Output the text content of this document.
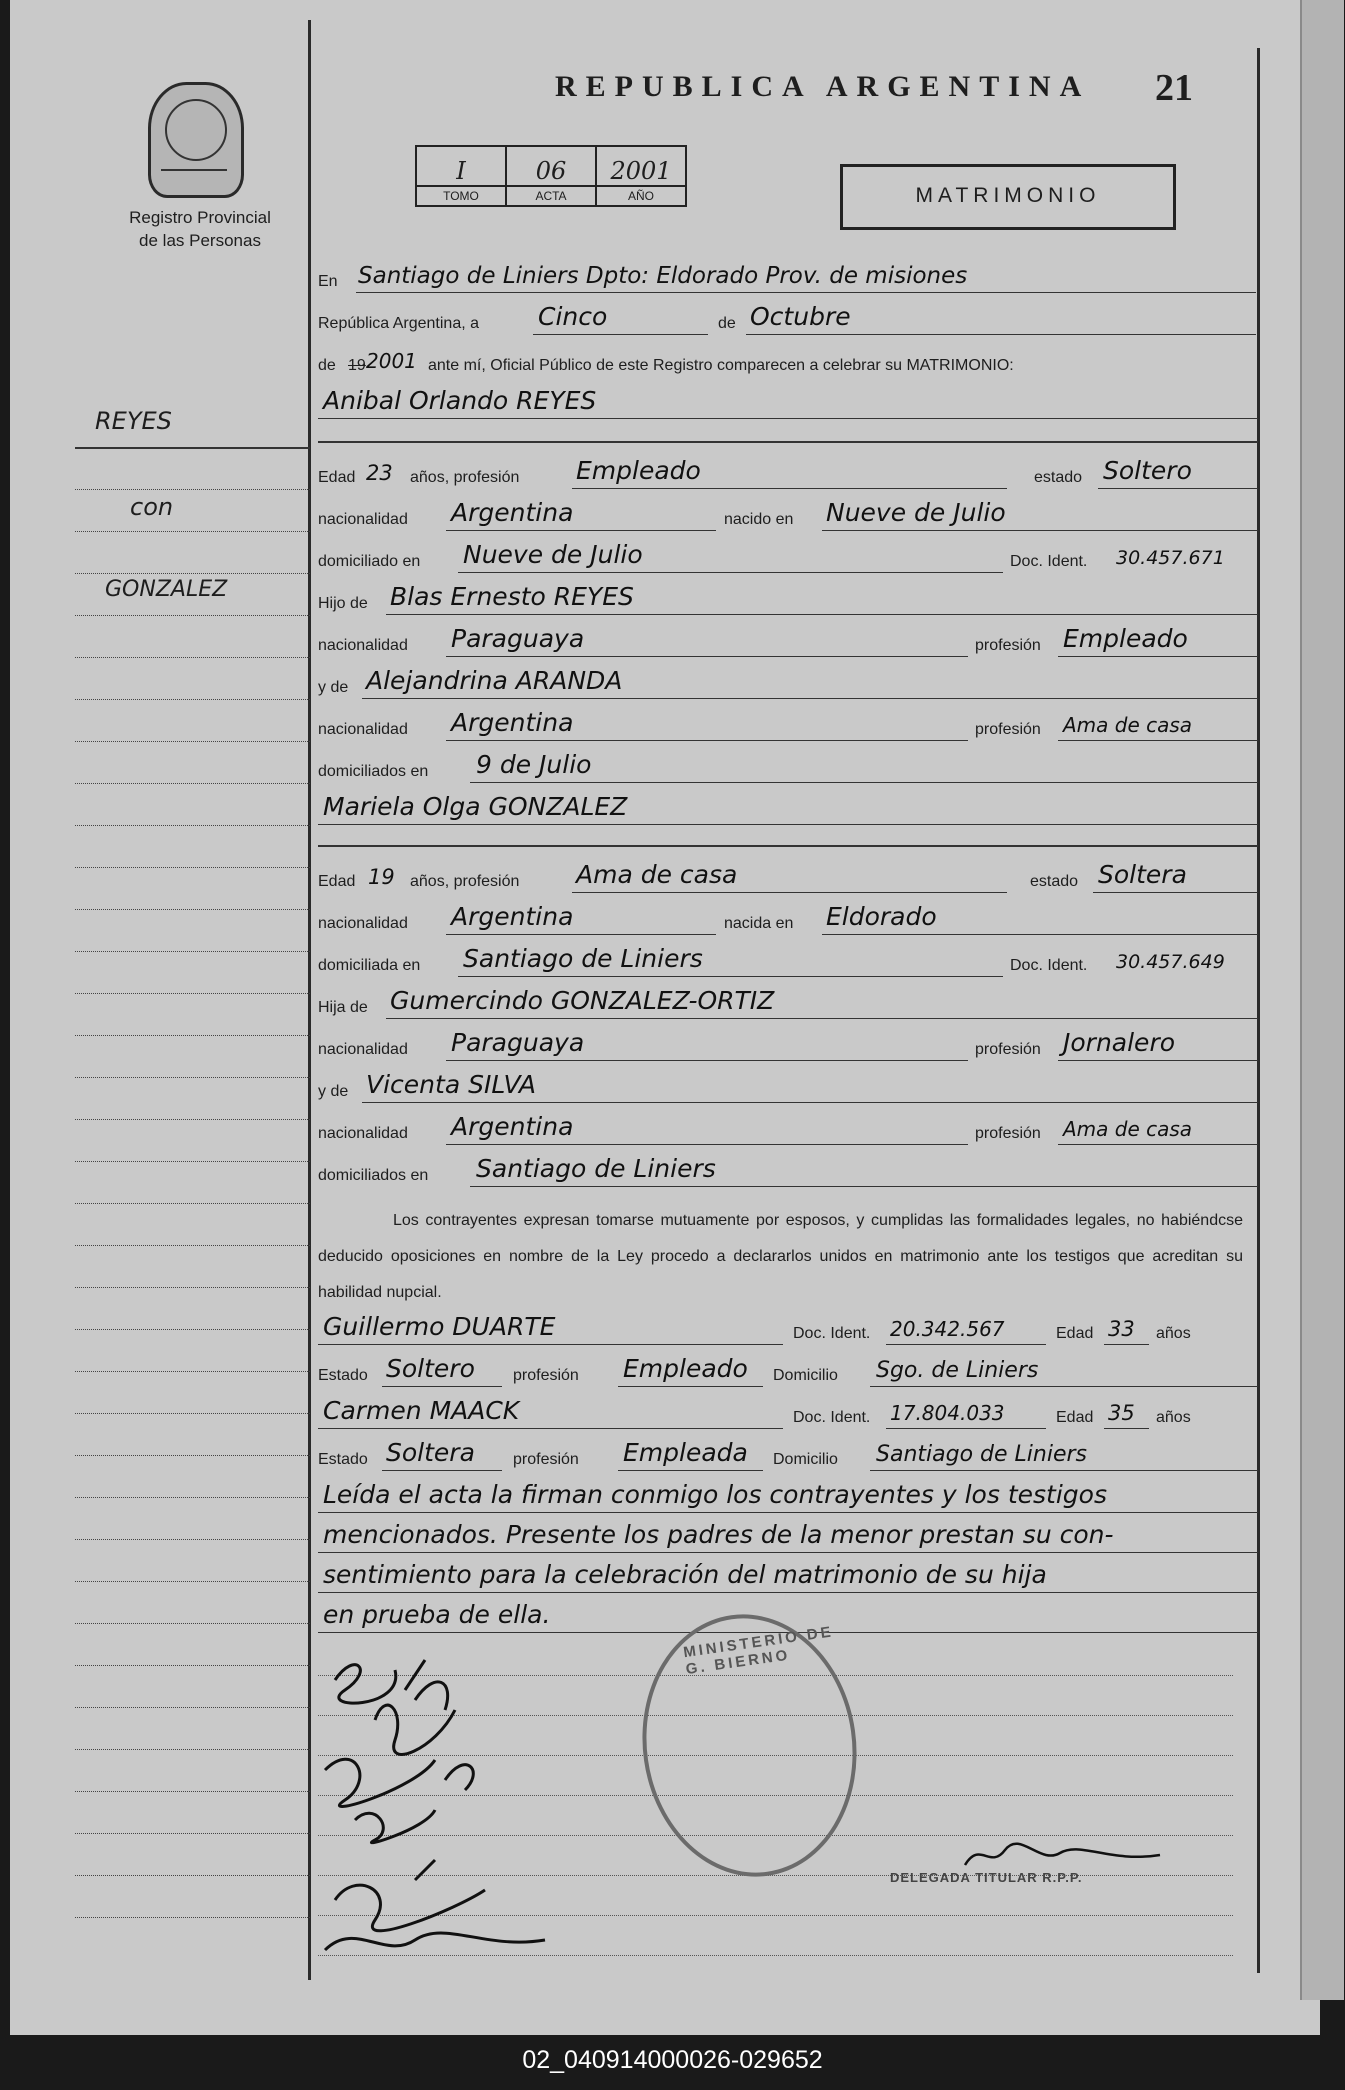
Registro Provincial
de las Personas
REPUBLICA ARGENTINA 21
I	06	2001
TOMO	ACTA	AÑO	MATRIMONIO
REYES
con
GONZALEZ
En Santiago de Liniers Dpto: Eldorado Prov. de misiones
República Argentina, a Cinco	de Octubre
de 19 2001 ante mí, Oficial Público de este Registro comparecen a celebrar su MATRIMONIO:
Anibal Orlando REYES
Edad 23 años, profesión Empleado	estado Soltero
nacionalidad Argentina	nacido en Nueve de Julio
domiciliado en Nueve de Julio	Doc. Ident. 30.457.671
Hijo de Blas Ernesto REYES
nacionalidad Paraguaya	profesión Empleado
y de Alejandrina ARANDA
nacionalidad Argentina	profesión Ama de casa
domiciliados en 9 de Julio
Mariela Olga GONZALEZ
Edad 19 años, profesión Ama de casa	estado Soltera
nacionalidad Argentina	nacida en Eldorado
domiciliada en Santiago de Liniers	Doc. Ident. 30.457.649
Hija de Gumercindo GONZALEZ-ORTIZ
nacionalidad Paraguaya	profesión Jornalero
y de Vicenta SILVA
nacionalidad Argentina	profesión Ama de casa
domiciliados en Santiago de Liniers
Los contrayentes expresan tomarse mutuamente por esposos, y cumplidas las formalidades legales, no habiéndcse deducido oposiciones en nombre de la Ley procedo a declararlos unidos en matrimonio ante los testigos que acreditan su habilidad nupcial.
Guillermo DUARTE	Doc. Ident. 20.342.567	Edad 33 años
Estado Soltero profesión Empleado Domicilio Sgo. de Liniers
Carmen MAACK	Doc. Ident. 17.804.033	Edad 35 años
Estado Soltera profesión Empleada Domicilio Santiago de Liniers
Leída el acta la firman conmigo los contrayentes y los testigos
mencionados. Presente los padres de la menor prestan su con-
sentimiento para la celebración del matrimonio de su hija
en prueba de ella.
MINISTERIO DE G. BIERNO
DELEGADA TITULAR R.P.P.
02_040914000026-029652
